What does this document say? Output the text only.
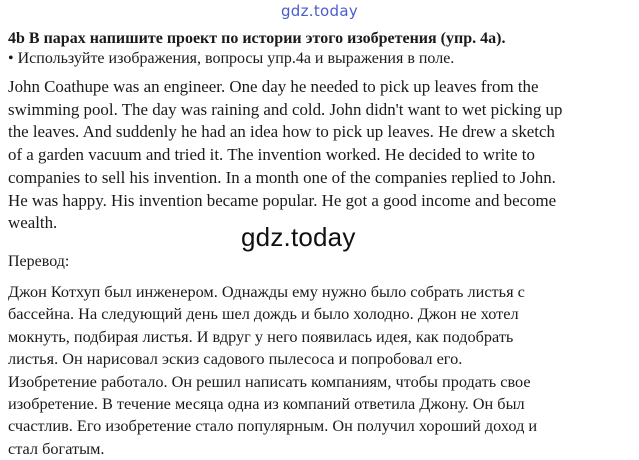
gdz.today

4b В парах напишите проект по истории этого изобретения (упр. 4a).

• Используйте изображения, вопросы упр.4a и выражения в поле.

John Coathupe was an engineer. One day he needed to pick up leaves from the
swimming pool. The day was raining and cold. John didn't want to wet picking up
the leaves. And suddenly he had an idea how to pick up leaves. He drew a sketch
of a garden vacuum and tried it. The invention worked. He decided to write to
companies to sell his invention. In a month one of the companies replied to John.
He was happy. His invention became popular. He got a good income and become
wealth.

Перевод:

Джон Котхуп был инженером. Однажды ему нужно было собрать листья с
бассейна. На следующий день шел дождь и было холодно. Джон не хотел
мокнуть, подбирая листья. И вдруг у него появилась идея, как подобрать
листья. Он нарисовал эскиз садового пылесоса и попробовал его.
Изобретение работало. Он решил написать компаниям, чтобы продать свое
изобретение. В течение месяца одна из компаний ответила Джону. Он был
счастлив. Его изобретение стало популярным. Он получил хороший доход и
стал богатым.

gdz.today
